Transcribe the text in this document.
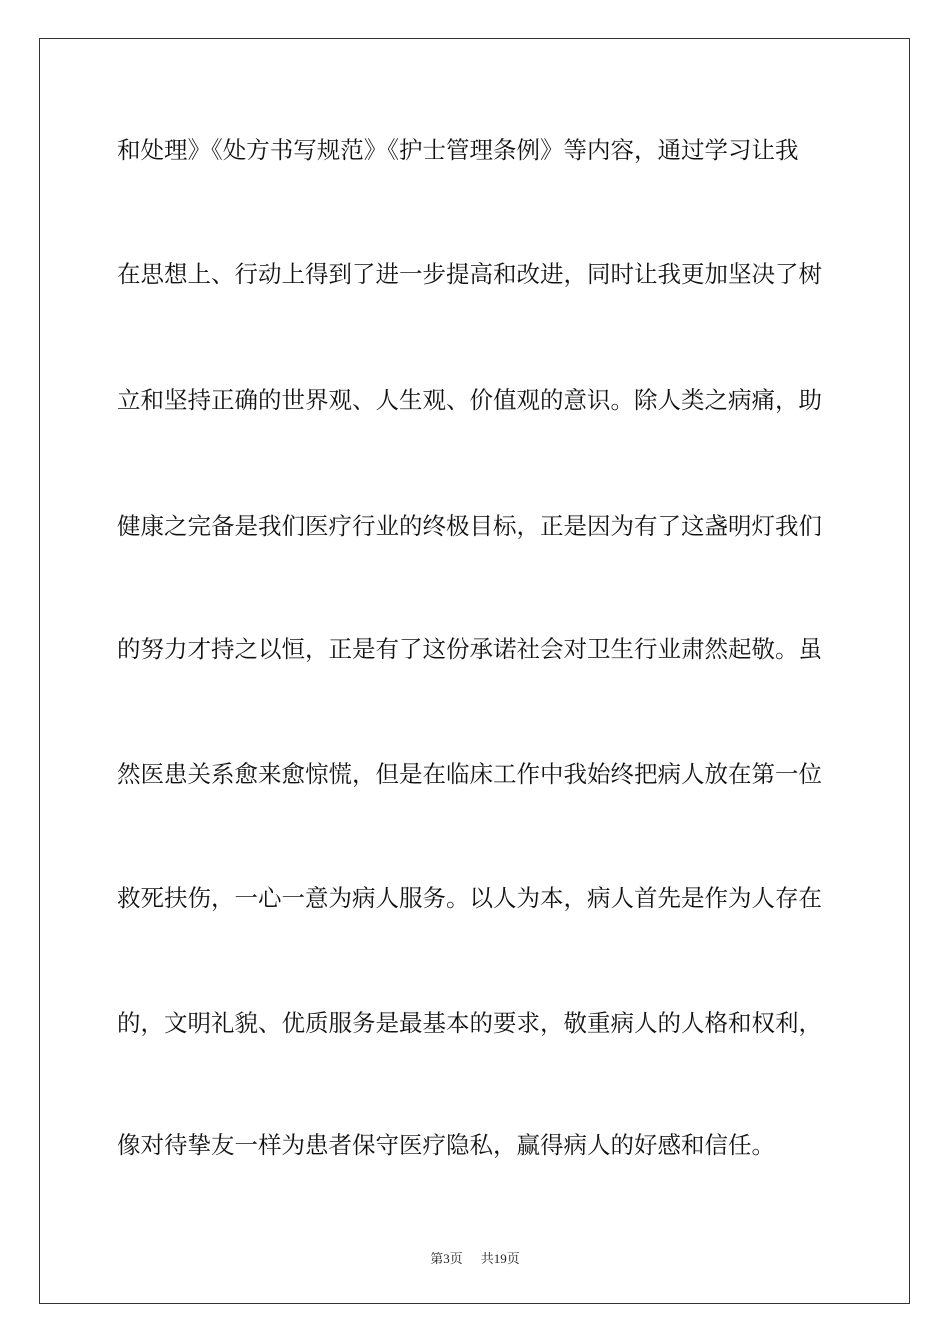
和处理》《处方书写规范》《护士管理条例》等内容，通过学习让我
在思想上、行动上得到了进一步提高和改进，同时让我更加坚决了树
立和坚持正确的世界观、人生观、价值观的意识。除人类之病痛，助
健康之完备是我们医疗行业的终极目标，正是因为有了这盏明灯我们
的努力才持之以恒，正是有了这份承诺社会对卫生行业肃然起敬。虽
然医患关系愈来愈惊慌，但是在临床工作中我始终把病人放在第一位
救死扶伤，一心一意为病人服务。以人为本，病人首先是作为人存在
的，文明礼貌、优质服务是最基本的要求，敬重病人的人格和权利，
像对待挚友一样为患者保守医疗隐私，赢得病人的好感和信任。
第3页 共19页
